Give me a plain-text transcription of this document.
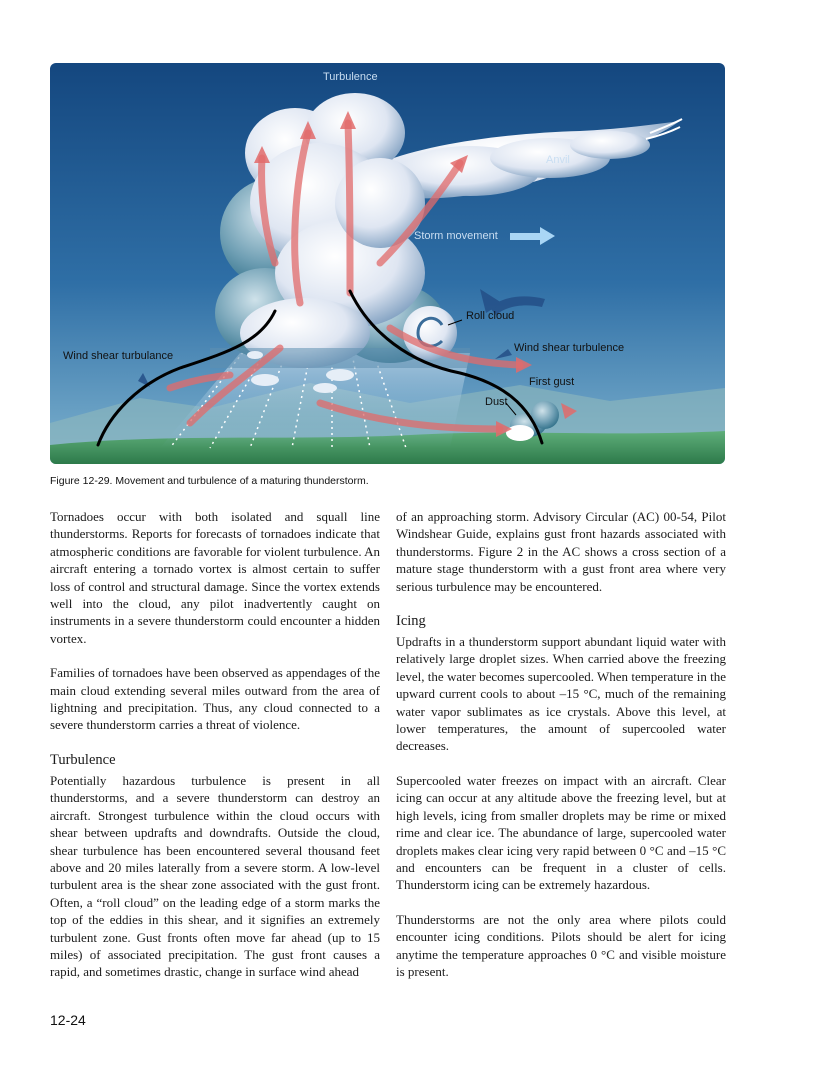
Turbulence
Anvil
Storm movement
Roll cloud
Wind shear turbulence
Wind shear turbulance
First gust
Dust
Figure 12-29. Movement and turbulence of a maturing thunderstorm.

Tornadoes occur with both isolated and squall line thunderstorms. Reports for forecasts of tornadoes indicate that atmospheric conditions are favorable for violent turbulence. An aircraft entering a tornado vortex is almost certain to suffer loss of control and structural damage. Since the vortex extends well into the cloud, any pilot inadvertently caught on instruments in a severe thunderstorm could encounter a hidden vortex.

Families of tornadoes have been observed as appendages of the main cloud extending several miles outward from the area of lightning and precipitation. Thus, any cloud connected to a severe thunderstorm carries a threat of violence.

Turbulence

Potentially hazardous turbulence is present in all thunderstorms, and a severe thunderstorm can destroy an aircraft. Strongest turbulence within the cloud occurs with shear between updrafts and downdrafts. Outside the cloud, shear turbulence has been encountered several thousand feet above and 20 miles laterally from a severe storm. A low-level turbulent area is the shear zone associated with the gust front. Often, a “roll cloud” on the leading edge of a storm marks the top of the eddies in this shear, and it signifies an extremely turbulent zone. Gust fronts often move far ahead (up to 15 miles) of associated precipitation. The gust front causes a rapid, and sometimes drastic, change in surface wind ahead

of an approaching storm. Advisory Circular (AC) 00-54, Pilot Windshear Guide, explains gust front hazards associated with thunderstorms. Figure 2 in the AC shows a cross section of a mature stage thunderstorm with a gust front area where very serious turbulence may be encountered.

Icing

Updrafts in a thunderstorm support abundant liquid water with relatively large droplet sizes. When carried above the freezing level, the water becomes supercooled. When temperature in the upward current cools to about –15 °C, much of the remaining water vapor sublimates as ice crystals. Above this level, at lower temperatures, the amount of supercooled water decreases.

Supercooled water freezes on impact with an aircraft. Clear icing can occur at any altitude above the freezing level, but at high levels, icing from smaller droplets may be rime or mixed rime and clear ice. The abundance of large, supercooled water droplets makes clear icing very rapid between 0 °C and –15 °C and encounters can be frequent in a cluster of cells. Thunderstorm icing can be extremely hazardous.

Thunderstorms are not the only area where pilots could encounter icing conditions. Pilots should be alert for icing anytime the temperature approaches 0 °C and visible moisture is present.

12-24
